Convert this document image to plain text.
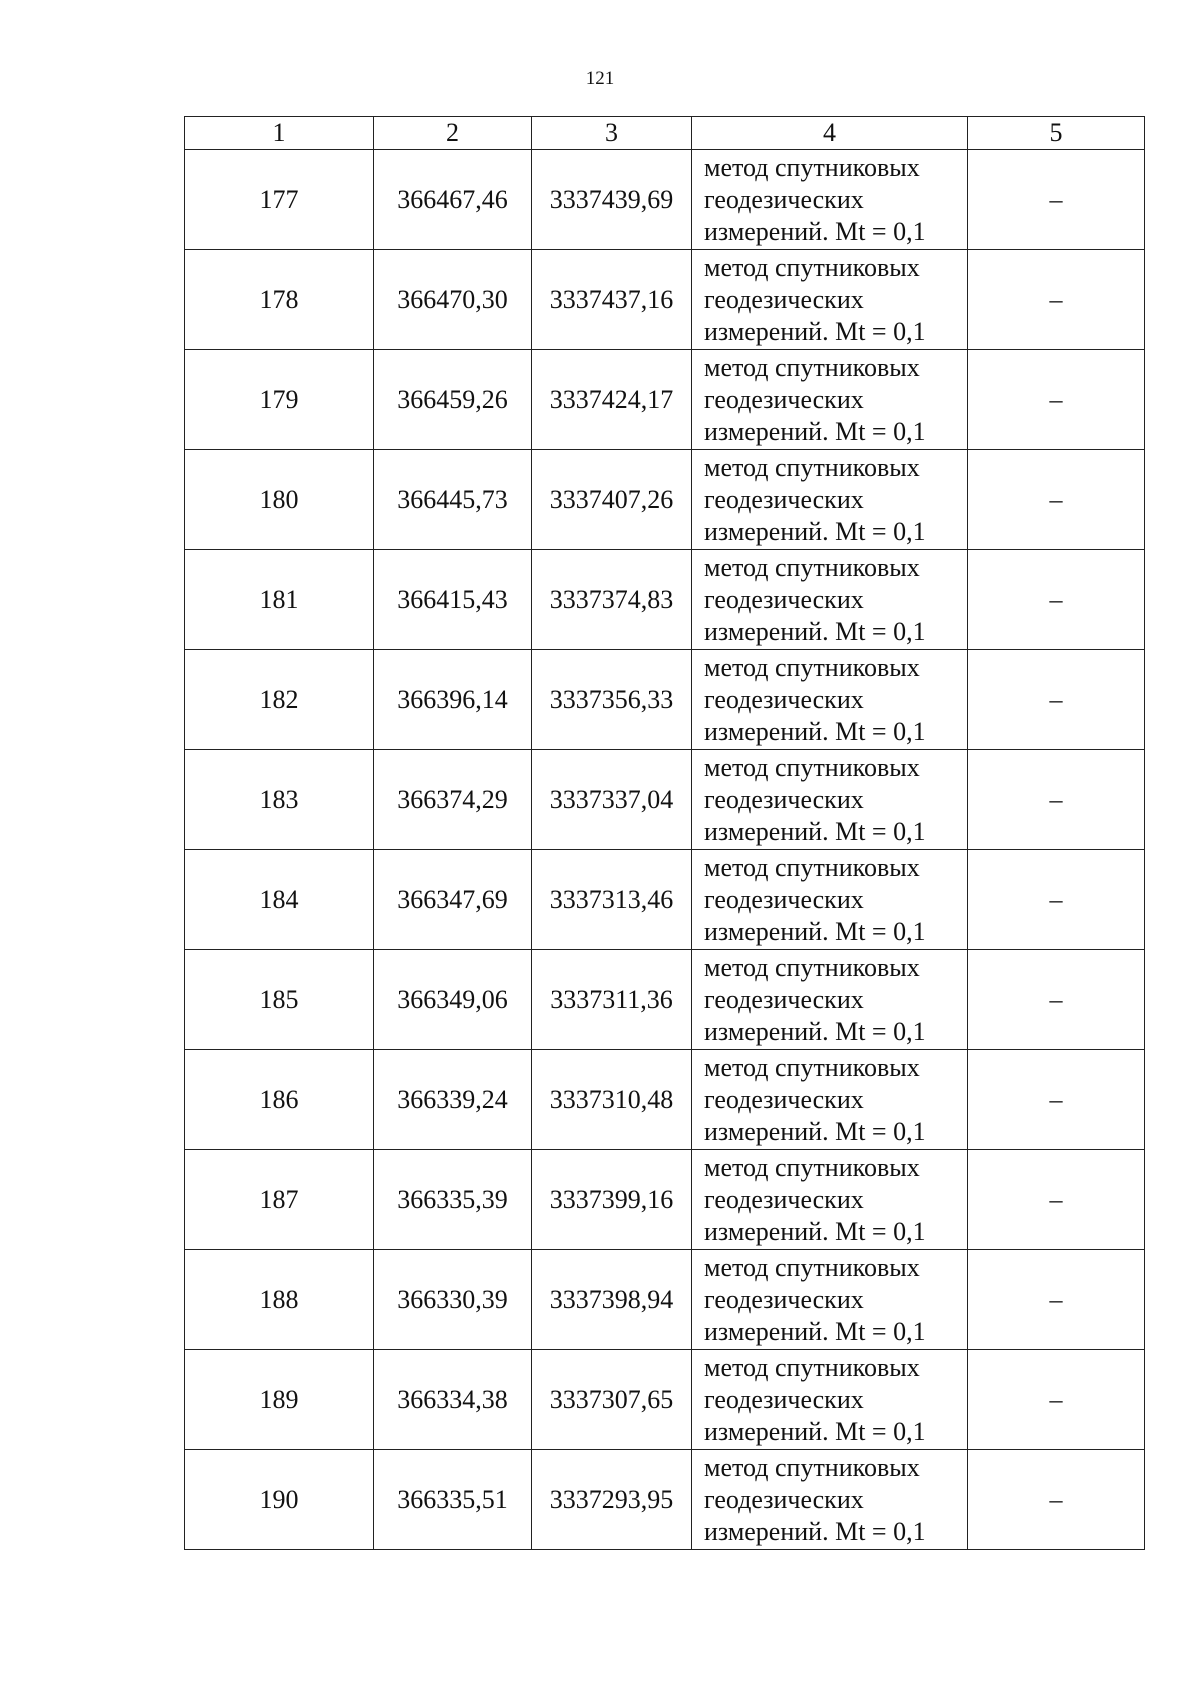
121
1	2	3	4	5
177	366467,46	3337439,69	метод спутниковых
геодезических
измерений. Mt = 0,1	–
178	366470,30	3337437,16	метод спутниковых
геодезических
измерений. Mt = 0,1	–
179	366459,26	3337424,17	метод спутниковых
геодезических
измерений. Mt = 0,1	–
180	366445,73	3337407,26	метод спутниковых
геодезических
измерений. Mt = 0,1	–
181	366415,43	3337374,83	метод спутниковых
геодезических
измерений. Mt = 0,1	–
182	366396,14	3337356,33	метод спутниковых
геодезических
измерений. Mt = 0,1	–
183	366374,29	3337337,04	метод спутниковых
геодезических
измерений. Mt = 0,1	–
184	366347,69	3337313,46	метод спутниковых
геодезических
измерений. Mt = 0,1	–
185	366349,06	3337311,36	метод спутниковых
геодезических
измерений. Mt = 0,1	–
186	366339,24	3337310,48	метод спутниковых
геодезических
измерений. Mt = 0,1	–
187	366335,39	3337399,16	метод спутниковых
геодезических
измерений. Mt = 0,1	–
188	366330,39	3337398,94	метод спутниковых
геодезических
измерений. Mt = 0,1	–
189	366334,38	3337307,65	метод спутниковых
геодезических
измерений. Mt = 0,1	–
190	366335,51	3337293,95	метод спутниковых
геодезических
измерений. Mt = 0,1	–
